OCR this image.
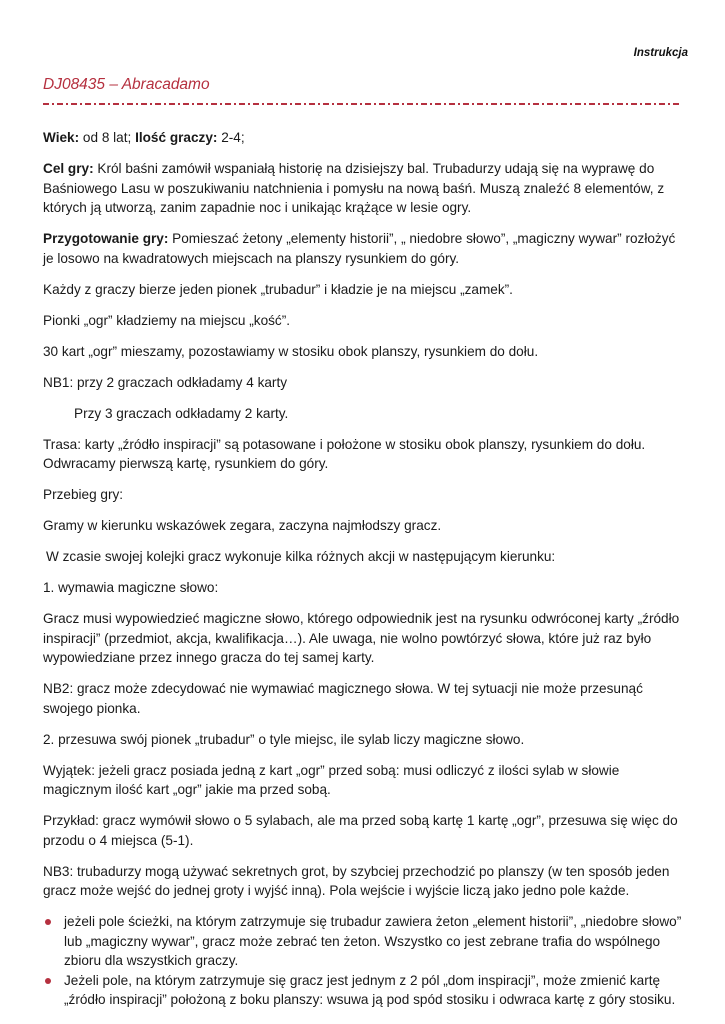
Instrukcja
DJ08435 – Abracadamo

Wiek: od 8 lat; Ilość graczy: 2-4;

Cel gry: Król baśni zamówił wspaniałą historię na dzisiejszy bal. Trubadurzy udają się na wyprawę do Baśniowego Lasu w poszukiwaniu natchnienia i pomysłu na nową baśń. Muszą znaleźć 8 elementów, z których ją utworzą, zanim zapadnie noc i unikając krążące w lesie ogry.

Przygotowanie gry: Pomieszać żetony „elementy historii”, „ niedobre słowo”, „magiczny wywar” rozłożyć je losowo na kwadratowych miejscach na planszy rysunkiem do góry.

Każdy z graczy bierze jeden pionek „trubadur” i kładzie je na miejscu „zamek”.

Pionki „ogr” kładziemy na miejscu „kość”.

30 kart „ogr” mieszamy, pozostawiamy w stosiku obok planszy, rysunkiem do dołu.

NB1: przy 2 graczach odkładamy 4 karty

Przy 3 graczach odkładamy 2 karty.

Trasa: karty „źródło inspiracji” są potasowane i położone w stosiku obok planszy, rysunkiem do dołu. Odwracamy pierwszą kartę, rysunkiem do góry.

Przebieg gry:

Gramy w kierunku wskazówek zegara, zaczyna najmłodszy gracz.

W zcasie swojej kolejki gracz wykonuje kilka różnych akcji w następującym kierunku:

1. wymawia magiczne słowo:

Gracz musi wypowiedzieć magiczne słowo, którego odpowiednik jest na rysunku odwróconej karty „źródło inspiracji” (przedmiot, akcja, kwalifikacja…). Ale uwaga, nie wolno powtórzyć słowa, które już raz było wypowiedziane przez innego gracza do tej samej karty.

NB2: gracz może zdecydować nie wymawiać magicznego słowa. W tej sytuacji nie może przesunąć swojego pionka.

2. przesuwa swój pionek „trubadur” o tyle miejsc, ile sylab liczy magiczne słowo.

Wyjątek: jeżeli gracz posiada jedną z kart „ogr” przed sobą: musi odliczyć z ilości sylab w słowie magicznym ilość kart „ogr” jakie ma przed sobą.

Przykład: gracz wymówił słowo o 5 sylabach, ale ma przed sobą kartę 1 kartę „ogr”, przesuwa się więc do przodu o 4 miejsca (5-1).

NB3: trubadurzy mogą używać sekretnych grot, by szybciej przechodzić po planszy (w ten sposób jeden gracz może wejść do jednej groty i wyjść inną). Pola wejście i wyjście liczą jako jedno pole każde.

jeżeli pole ścieżki, na którym zatrzymuje się trubadur zawiera żeton „element historii”, „niedobre słowo” lub „magiczny wywar”, gracz może zebrać ten żeton. Wszystko co jest zebrane trafia do wspólnego zbioru dla wszystkich graczy.
Jeżeli pole, na którym zatrzymuje się gracz jest jednym z 2 pól „dom inspiracji”, może zmienić kartę „źródło inspiracji” położoną z boku planszy: wsuwa ją pod spód stosiku i odwraca kartę z góry stosiku.
